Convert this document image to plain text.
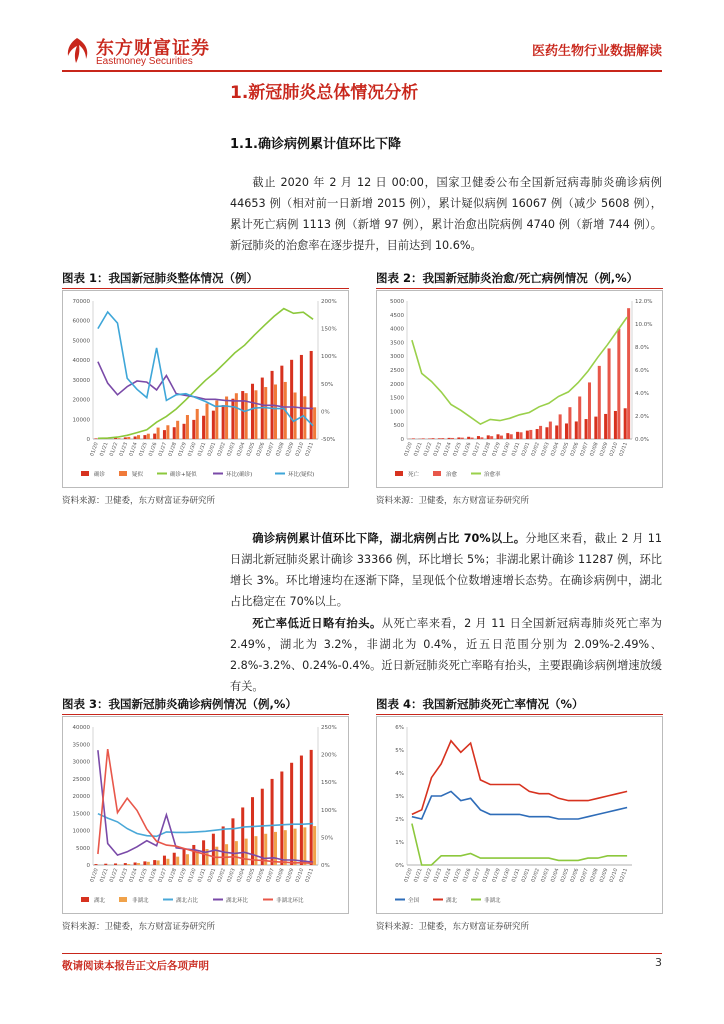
东方财富证券
Eastmoney Securities
医药生物行业数据解读
1.新冠肺炎总体情况分析
1.1.确诊病例累计值环比下降
截止 2020 年 2 月 12 日 00:00，国家卫健委公布全国新冠病毒肺炎确诊病例 44653 例（相对前一日新增 2015 例），累计疑似病例 16067 例（减少 5608 例），累计死亡病例 1113 例（新增 97 例），累计治愈出院病例 4740 例（新增 744 例）。新冠肺炎的治愈率在逐步提升，目前达到 10.6%。
图表 1：我国新冠肺炎整体情况（例）
0
10000
20000
30000
40000
50000
60000
70000
-50%
0%
50%
100%
150%
200%
01/20 01/21 01/22 01/23 01/24 01/25 01/26 01/27 01/28 01/29 01/30 01/31 02/01 02/02 02/03 02/04 02/05 02/06 02/07 02/08 02/09 02/10 02/11
确诊	疑似	确诊+疑似	环比(确诊)	环比(疑似)
资料来源：卫健委，东方财富证券研究所
图表 2：我国新冠肺炎治愈/死亡病例情况（例,%）
0
500
1000
1500
2000
2500
3000
3500
4000
4500
5000
0.0%
2.0%
4.0%
6.0%
8.0%
10.0%
12.0%
01/20 01/21 01/22 01/23 01/24 01/25 01/26 01/27 01/28 01/29 01/30 01/31 02/01 02/02 02/03 02/04 02/05 02/06 02/07 02/08 02/09 02/10 02/11
死亡	治愈	治愈率
资料来源：卫健委，东方财富证券研究所
确诊病例累计值环比下降，湖北病例占比 70%以上。分地区来看，截止 2 月 11 日湖北新冠肺炎累计确诊 33366 例，环比增长 5%；非湖北累计确诊 11287 例，环比增长 3%。环比增速均在逐渐下降，呈现低个位数增速增长态势。在确诊病例中，湖北占比稳定在 70%以上。
死亡率低近日略有抬头。从死亡率来看，2 月 11 日全国新冠病毒肺炎死亡率为 2.49%，湖北为 3.2%，非湖北为 0.4%，近五日范围分别为 2.09%-2.49%、2.8%-3.2%、0.24%-0.4%。近日新冠肺炎死亡率略有抬头，主要跟确诊病例增速放缓有关。
图表 3：我国新冠肺炎确诊病例情况（例,%）
0
5000
10000
15000
20000
25000
30000
35000
40000
0%
50%
100%
150%
200%
250%
01/20 01/21 01/22 01/23 01/24 01/25 01/26 01/27 01/28 01/29 01/30 01/31 02/01 02/02 02/03 02/04 02/05 02/06 02/07 02/08 02/09 02/10 02/11
湖北	非湖北	湖北占比	湖北环比	非湖北环比
资料来源：卫健委，东方财富证券研究所
图表 4：我国新冠肺炎死亡率情况（%）
0%
1%
2%
3%
4%
5%
6%
01/20 01/21 01/22 01/23 01/24 01/25 01/26 01/27 01/28 01/29 01/30 01/31 02/01 02/02 02/03 02/04 02/05 02/06 02/07 02/08 02/09 02/10 02/11
全国	湖北	非湖北
资料来源：卫健委，东方财富证券研究所
敬请阅读本报告正文后各项声明	3
